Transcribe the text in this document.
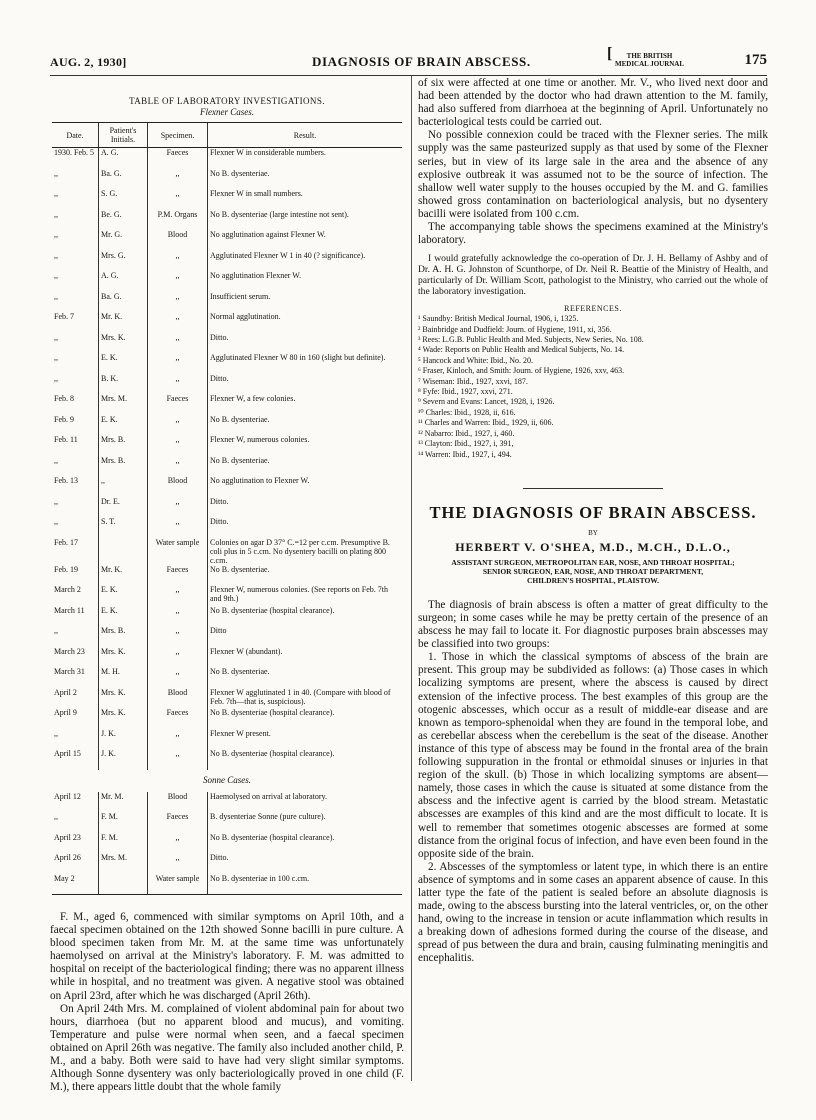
AUG. 2, 1930]	DIAGNOSIS OF BRAIN ABSCESS.	[ THE BRITISH
MEDICAL JOURNAL	175
TABLE OF LABORATORY INVESTIGATIONS.
Flexner Cases.
Date.	Patient's Initials.	Specimen.	Result.
1930. Feb. 5	A. G.	Faeces	Flexner W in considerable numbers.
,,	Ba. G.	,,	No B. dysenteriae.
,,	S. G.	,,	Flexner W in small numbers.
,,	Be. G.	P.M. Organs	No B. dysenteriae (large intestine not sent).
,,	Mr. G.	Blood	No agglutination against Flexner W.
,,	Mrs. G.	,,	Agglutinated Flexner W 1 in 40 (? significance).
,,	A. G.	,,	No agglutination Flexner W.
,,	Ba. G.	,,	Insufficient serum.
Feb. 7	Mr. K.	,,	Normal agglutination.
,,	Mrs. K.	,,	Ditto.
,,	E. K.	,,	Agglutinated Flexner W 80 in 160 (slight but definite).
,,	B. K.	,,	Ditto.
Feb. 8	Mrs. M.	Faeces	Flexner W, a few colonies.
Feb. 9	E. K.	,,	No B. dysenteriae.
Feb. 11	Mrs. B.	,,	Flexner W, numerous colonies.
,,	Mrs. B.	,,	No B. dysenteriae.
Feb. 13	,,	Blood	No agglutination to Flexner W.
,,	Dr. E.	,,	Ditto.
,,	S. T.	,,	Ditto.
Feb. 17		Water sample	Colonies on agar D 37° C.=12 per c.cm. Presumptive B. coli plus in 5 c.cm. No dysentery bacilli on plating 800 c.cm.
Feb. 19	Mr. K.	Faeces	No B. dysenteriae.
March 2	E. K.	,,	Flexner W, numerous colonies. (See reports on Feb. 7th and 9th.)
March 11	E. K.	,,	No B. dysenteriae (hospital clearance).
,,	Mrs. B.	,,	Ditto
March 23	Mrs. K.	,,	Flexner W (abundant).
March 31	M. H.	,,	No B. dysenteriae.
April 2	Mrs. K.	Blood	Flexner W agglutinated 1 in 40. (Compare with blood of Feb. 7th—that is, suspicious).
April 9	Mrs. K.	Faeces	No B. dysenteriae (hospital clearance).
,,	J. K.	,,	Flexner W present.
April 15	J. K.	,,	No B. dysenteriae (hospital clearance).
Sonne Cases.			
April 12	Mr. M.	Blood	Haemolysed on arrival at laboratory.
,,	F. M.	Faeces	B. dysenteriae Sonne (pure culture).
April 23	F. M.	,,	No B. dysenteriae (hospital clearance).
April 26	Mrs. M.	,,	Ditto.
May 2		Water sample	No B. dysenteriae in 100 c.cm.

F. M., aged 6, commenced with similar symptoms on April 10th, and a faecal specimen obtained on the 12th showed Sonne bacilli in pure culture. A blood specimen taken from Mr. M. at the same time was unfortunately haemolysed on arrival at the Ministry's laboratory. F. M. was admitted to hospital on receipt of the bacteriological finding; there was no apparent illness while in hospital, and no treatment was given. A negative stool was obtained on April 23rd, after which he was discharged (April 26th).

On April 24th Mrs. M. complained of violent abdominal pain for about two hours, diarrhoea (but no apparent blood and mucus), and vomiting. Temperature and pulse were normal when seen, and a faecal specimen obtained on April 26th was negative. The family also included another child, P. M., and a baby. Both were said to have had very slight similar symptoms. Although Sonne dysentery was only bacteriologically proved in one child (F. M.), there appears little doubt that the whole family

of six were affected at one time or another. Mr. V., who lived next door and had been attended by the doctor who had drawn attention to the M. family, had also suffered from diarrhoea at the beginning of April. Unfortunately no bacteriological tests could be carried out.

No possible connexion could be traced with the Flexner series. The milk supply was the same pasteurized supply as that used by some of the Flexner series, but in view of its large sale in the area and the absence of any explosive outbreak it was assumed not to be the source of infection. The shallow well water supply to the houses occupied by the M. and G. families showed gross contamination on bacteriological analysis, but no dysentery bacilli were isolated from 100 c.cm.

The accompanying table shows the specimens examined at the Ministry's laboratory.

I would gratefully acknowledge the co-operation of Dr. J. H. Bellamy of Ashby and of Dr. A. H. G. Johnston of Scunthorpe, of Dr. Neil R. Beattie of the Ministry of Health, and particularly of Dr. William Scott, pathologist to the Ministry, who carried out the whole of the laboratory investigation.

REFERENCES.
¹ Saundby: British Medical Journal, 1906, i, 1325.
² Bainbridge and Dudfield: Journ. of Hygiene, 1911, xi, 356.
³ Rees: L.G.B. Public Health and Med. Subjects, New Series, No. 108.
⁴ Wade: Reports on Public Health and Medical Subjects, No. 14.
⁵ Hancock and White: Ibid., No. 20.
⁶ Fraser, Kinloch, and Smith: Journ. of Hygiene, 1926, xxv, 463.
⁷ Wiseman: Ibid., 1927, xxvi, 187.
⁸ Fyfe: Ibid., 1927, xxvi, 271.
⁹ Severn and Evans: Lancet, 1928, i, 1926.
¹⁰ Charles: Ibid., 1928, ii, 616.
¹¹ Charles and Warren: Ibid., 1929, ii, 606.
¹² Nabarro: Ibid., 1927, i, 460.
¹³ Clayton: Ibid., 1927, i, 391,
¹⁴ Warren: Ibid., 1927, i, 494.
THE DIAGNOSIS OF BRAIN ABSCESS.
BY
HERBERT V. O'SHEA, M.D., M.CH., D.L.O.,
ASSISTANT SURGEON, METROPOLITAN EAR, NOSE, AND THROAT HOSPITAL;
SENIOR SURGEON, EAR, NOSE, AND THROAT DEPARTMENT,
CHILDREN'S HOSPITAL, PLAISTOW.

The diagnosis of brain abscess is often a matter of great difficulty to the surgeon; in some cases while he may be pretty certain of the presence of an abscess he may fail to locate it. For diagnostic purposes brain abscesses may be classified into two groups:

1. Those in which the classical symptoms of abscess of the brain are present. This group may be subdivided as follows: (a) Those cases in which localizing symptoms are present, where the abscess is caused by direct extension of the infective process. The best examples of this group are the otogenic abscesses, which occur as a result of middle-ear disease and are known as temporo-sphenoidal when they are found in the temporal lobe, and as cerebellar abscess when the cerebellum is the seat of the disease. Another instance of this type of abscess may be found in the frontal area of the brain following suppuration in the frontal or ethmoidal sinuses or injuries in that region of the skull. (b) Those in which localizing symptoms are absent—namely, those cases in which the cause is situated at some distance from the abscess and the infective agent is carried by the blood stream. Metastatic abscesses are examples of this kind and are the most difficult to locate. It is well to remember that sometimes otogenic abscesses are formed at some distance from the original focus of infection, and have even been found in the opposite side of the brain.

2. Abscesses of the symptomless or latent type, in which there is an entire absence of symptoms and in some cases an apparent absence of cause. In this latter type the fate of the patient is sealed before an absolute diagnosis is made, owing to the abscess bursting into the lateral ventricles, or, on the other hand, owing to the increase in tension or acute inflammation which results in a breaking down of adhesions formed during the course of the disease, and spread of pus between the dura and brain, causing fulminating meningitis and encephalitis.
